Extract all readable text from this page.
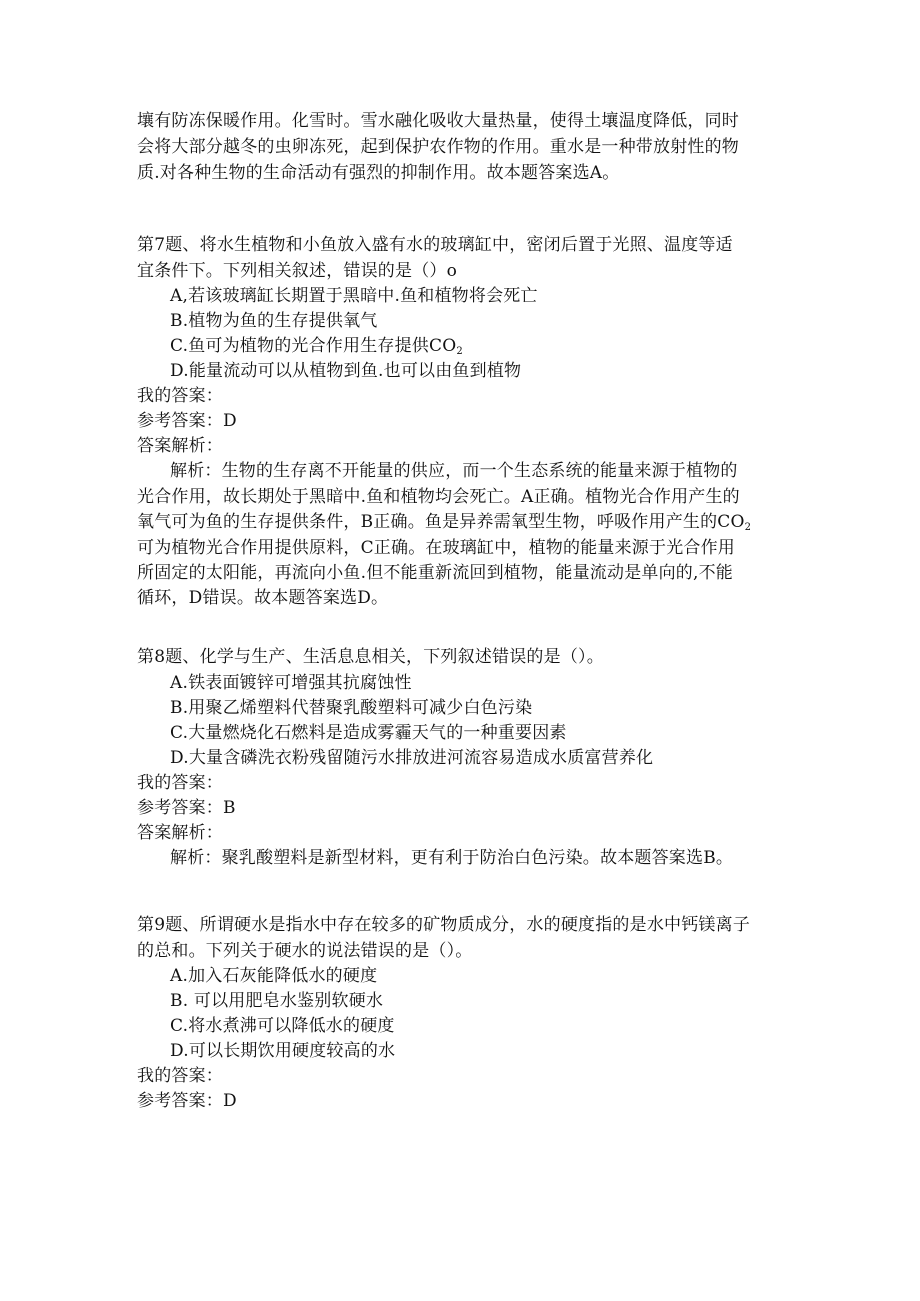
壤有防冻保暖作用。化雪时。雪水融化吸收大量热量，使得土壤温度降低，同时
会将大部分越冬的虫卵冻死，起到保护农作物的作用。重水是一种带放射性的物
质.对各种生物的生命活动有强烈的抑制作用。故本题答案选A。
第7题、将水生植物和小鱼放入盛有水的玻璃缸中，密闭后置于光照、温度等适
宜条件下。下列相关叙述，错误的是（）o
A,若该玻璃缸长期置于黑暗中.鱼和植物将会死亡
B.植物为鱼的生存提供氧气
C.鱼可为植物的光合作用生存提供$CO_2$
D.能量流动可以从植物到鱼.也可以由鱼到植物
我的答案：
参考答案：D
答案解析：
解析：生物的生存离不开能量的供应，而一个生态系统的能量来源于植物的
光合作用，故长期处于黑暗中.鱼和植物均会死亡。A正确。植物光合作用产生的
氧气可为鱼的生存提供条件，B正确。鱼是异养需氧型生物，呼吸作用产生的$CO_2$
可为植物光合作用提供原料，C正确。在玻璃缸中，植物的能量来源于光合作用
所固定的太阳能，再流向小鱼.但不能重新流回到植物，能量流动是单向的,不能
循环，D错误。故本题答案选D。
第8题、化学与生产、生活息息相关，下列叙述错误的是（）。
A.铁表面镀锌可增强其抗腐蚀性
B.用聚乙烯塑料代替聚乳酸塑料可减少白色污染
C.大量燃烧化石燃料是造成雾霾天气的一种重要因素
D.大量含磷洗衣粉残留随污水排放进河流容易造成水质富营养化
我的答案：
参考答案：B
答案解析：
解析：聚乳酸塑料是新型材料，更有利于防治白色污染。故本题答案选B。
第9题、所谓硬水是指水中存在较多的矿物质成分，水的硬度指的是水中钙镁离子
的总和。下列关于硬水的说法错误的是（）。
A.加入石灰能降低水的硬度
B. 可以用肥皂水鉴别软硬水
C.将水煮沸可以降低水的硬度
D.可以长期饮用硬度较高的水
我的答案：
参考答案：D
